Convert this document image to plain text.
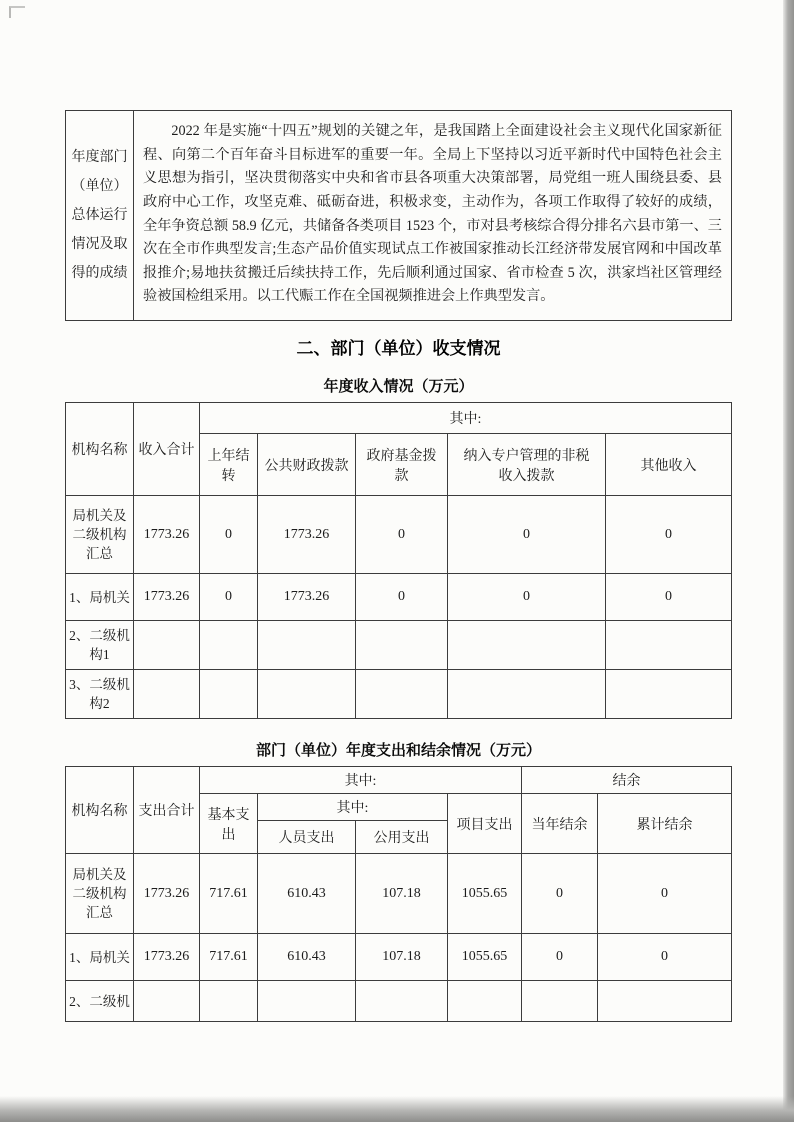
年度部门
（单位）
总体运行
情况及取
得的成绩

2022 年是实施“十四五”规划的关键之年，是我国踏上全面建设社会主义现代化国家新征程、向第二个百年奋斗目标进军的重要一年。全局上下坚持以习近平新时代中国特色社会主义思想为指引，坚决贯彻落实中央和省市县各项重大决策部署，局党组一班人围绕县委、县政府中心工作，攻坚克难、砥砺奋进，积极求变，主动作为，各项工作取得了较好的成绩，全年争资总额 58.9 亿元，共储备各类项目 1523 个，市对县考核综合得分排名六县市第一、三次在全市作典型发言;生态产品价值实现试点工作被国家推动长江经济带发展官网和中国改革报推介;易地扶贫搬迁后续扶持工作，先后顺利通过国家、省市检查 5 次，洪家垱社区管理经验被国检组采用。以工代赈工作在全国视频推进会上作典型发言。

二、部门（单位）收支情况
年度收入情况（万元）
机构名称	收入合计	其中:				
		上年结转	公共财政拨款	政府基金拨款	纳入专户管理的非税收入拨款	其他收入
局机关及二级机构汇总	1773.26	0	1773.26	0	0	0
1、局机关	1773.26	0	1773.26	0	0	0
2、二级机构1						
3、二级机构2						
部门（单位）年度支出和结余情况（万元）
机构名称	支出合计	其中:				结余	
		基本支出	其中:		项目支出	当年结余	累计结余
			人员支出	公用支出			
局机关及二级机构汇总	1773.26	717.61	610.43	107.18	1055.65	0	0
1、局机关	1773.26	717.61	610.43	107.18	1055.65	0	0
2、二级机							
